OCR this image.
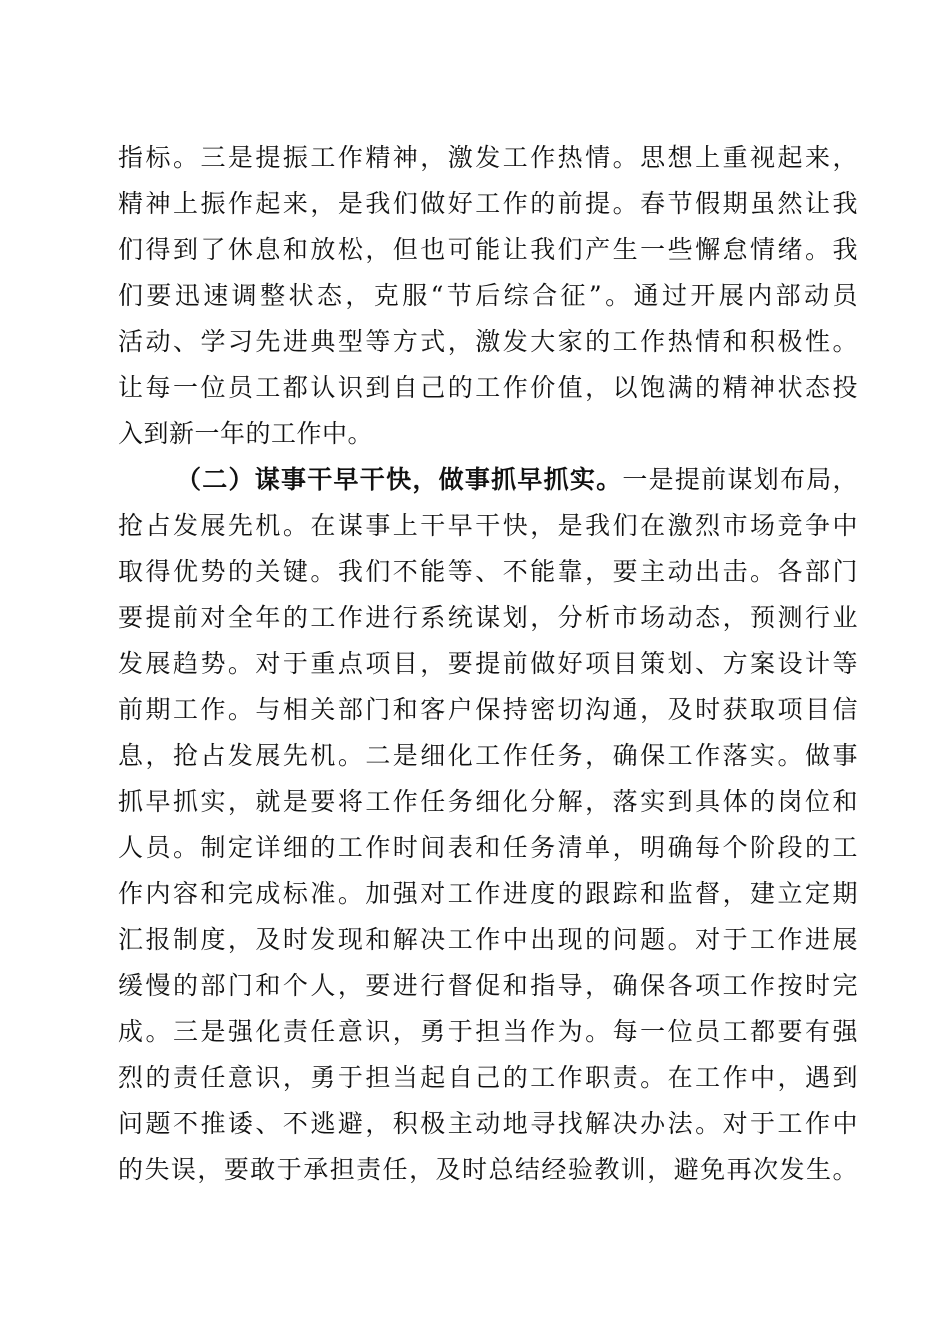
指标。三是提振工作精神，激发工作热情。思想上重视起来，
精神上振作起来，是我们做好工作的前提。春节假期虽然让我
们得到了休息和放松，但也可能让我们产生一些懈怠情绪。我
们要迅速调整状态，克服“节后综合征”。通过开展内部动员
活动、学习先进典型等方式，激发大家的工作热情和积极性。
让每一位员工都认识到自己的工作价值，以饱满的精神状态投
入到新一年的工作中。
（二）谋事干早干快，做事抓早抓实。一是提前谋划布局，
抢占发展先机。在谋事上干早干快，是我们在激烈市场竞争中
取得优势的关键。我们不能等、不能靠，要主动出击。各部门
要提前对全年的工作进行系统谋划，分析市场动态，预测行业
发展趋势。对于重点项目，要提前做好项目策划、方案设计等
前期工作。与相关部门和客户保持密切沟通，及时获取项目信
息，抢占发展先机。二是细化工作任务，确保工作落实。做事
抓早抓实，就是要将工作任务细化分解，落实到具体的岗位和
人员。制定详细的工作时间表和任务清单，明确每个阶段的工
作内容和完成标准。加强对工作进度的跟踪和监督，建立定期
汇报制度，及时发现和解决工作中出现的问题。对于工作进展
缓慢的部门和个人，要进行督促和指导，确保各项工作按时完
成。三是强化责任意识，勇于担当作为。每一位员工都要有强
烈的责任意识，勇于担当起自己的工作职责。在工作中，遇到
问题不推诿、不逃避，积极主动地寻找解决办法。对于工作中
的失误，要敢于承担责任，及时总结经验教训，避免再次发生。
